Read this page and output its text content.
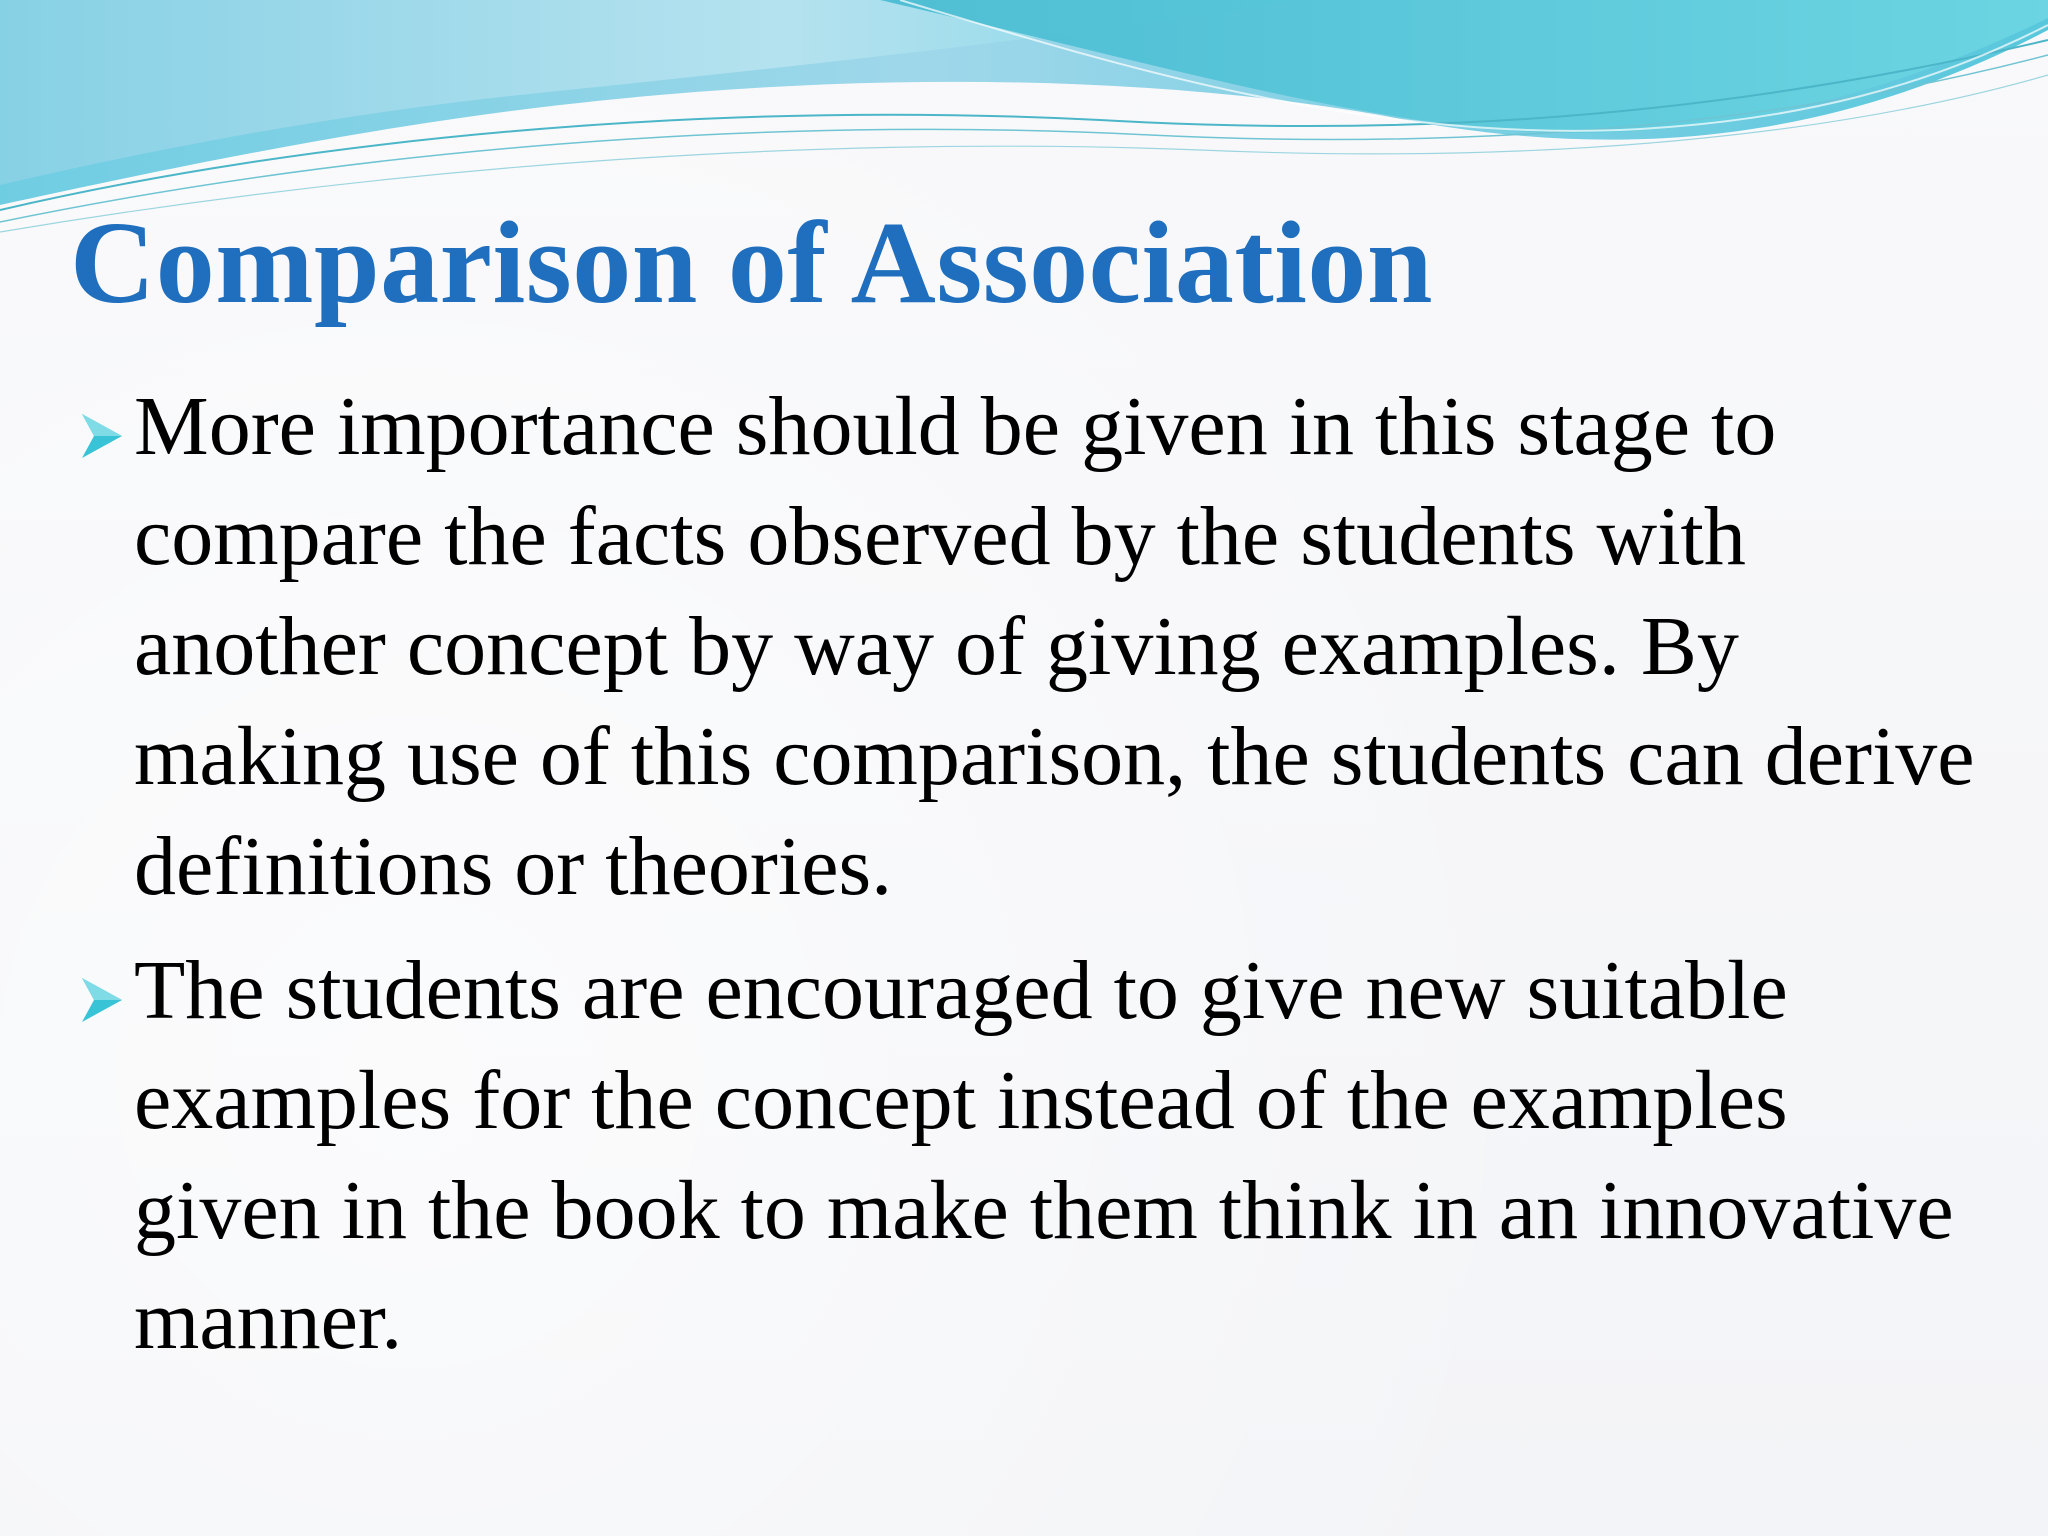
Comparison of Association
More importance should be given in this stage to compare the facts observed by the students with another concept by way of giving examples. By making use of this comparison, the students can derive definitions or theories.
The students are encouraged to give new suitable examples for the concept instead of the examples given in the book to make them think in an innovative manner.
